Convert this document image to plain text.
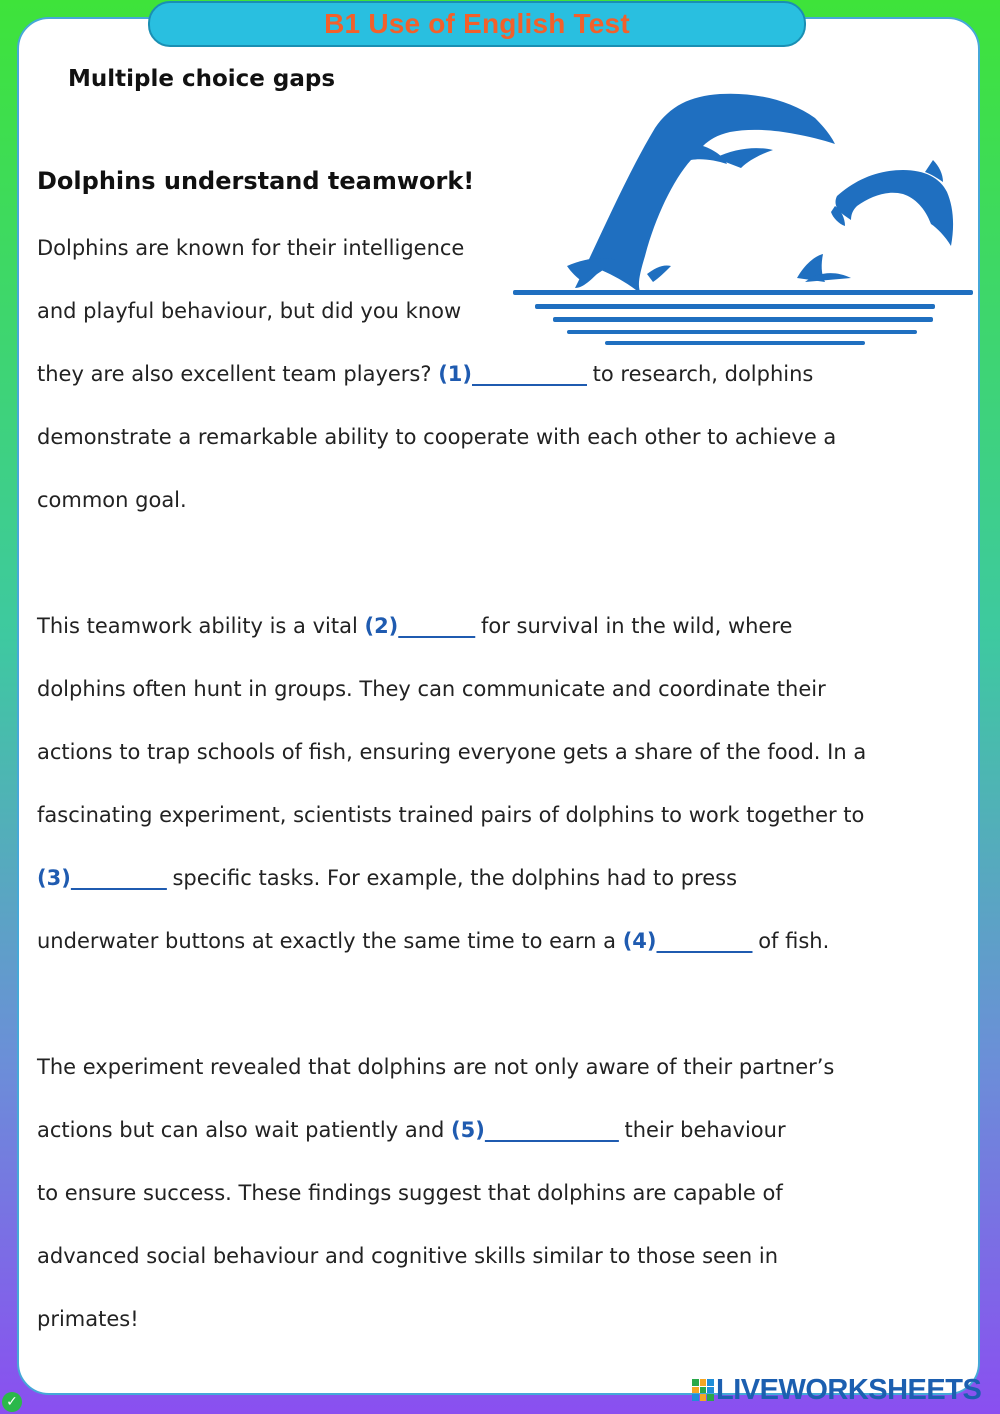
B1 Use of English Test
Multiple choice gaps
Dolphins understand teamwork!
Dolphins are known for their intelligence
and playful behaviour, but did you know
they are also excellent team players? (1)____________ to research, dolphins
demonstrate a remarkable ability to cooperate with each other to achieve a
common goal.
This teamwork ability is a vital (2)________ for survival in the wild, where
dolphins often hunt in groups. They can communicate and coordinate their
actions to trap schools of fish, ensuring everyone gets a share of the food. In a
fascinating experiment, scientists trained pairs of dolphins to work together to
(3)__________ specific tasks. For example, the dolphins had to press
underwater buttons at exactly the same time to earn a (4)__________ of fish.
The experiment revealed that dolphins are not only aware of their partner’s
actions but can also wait patiently and (5)______________ their behaviour
to ensure success. These findings suggest that dolphins are capable of
advanced social behaviour and cognitive skills similar to those seen in
primates!
LIVEWORKSHEETS
✓
